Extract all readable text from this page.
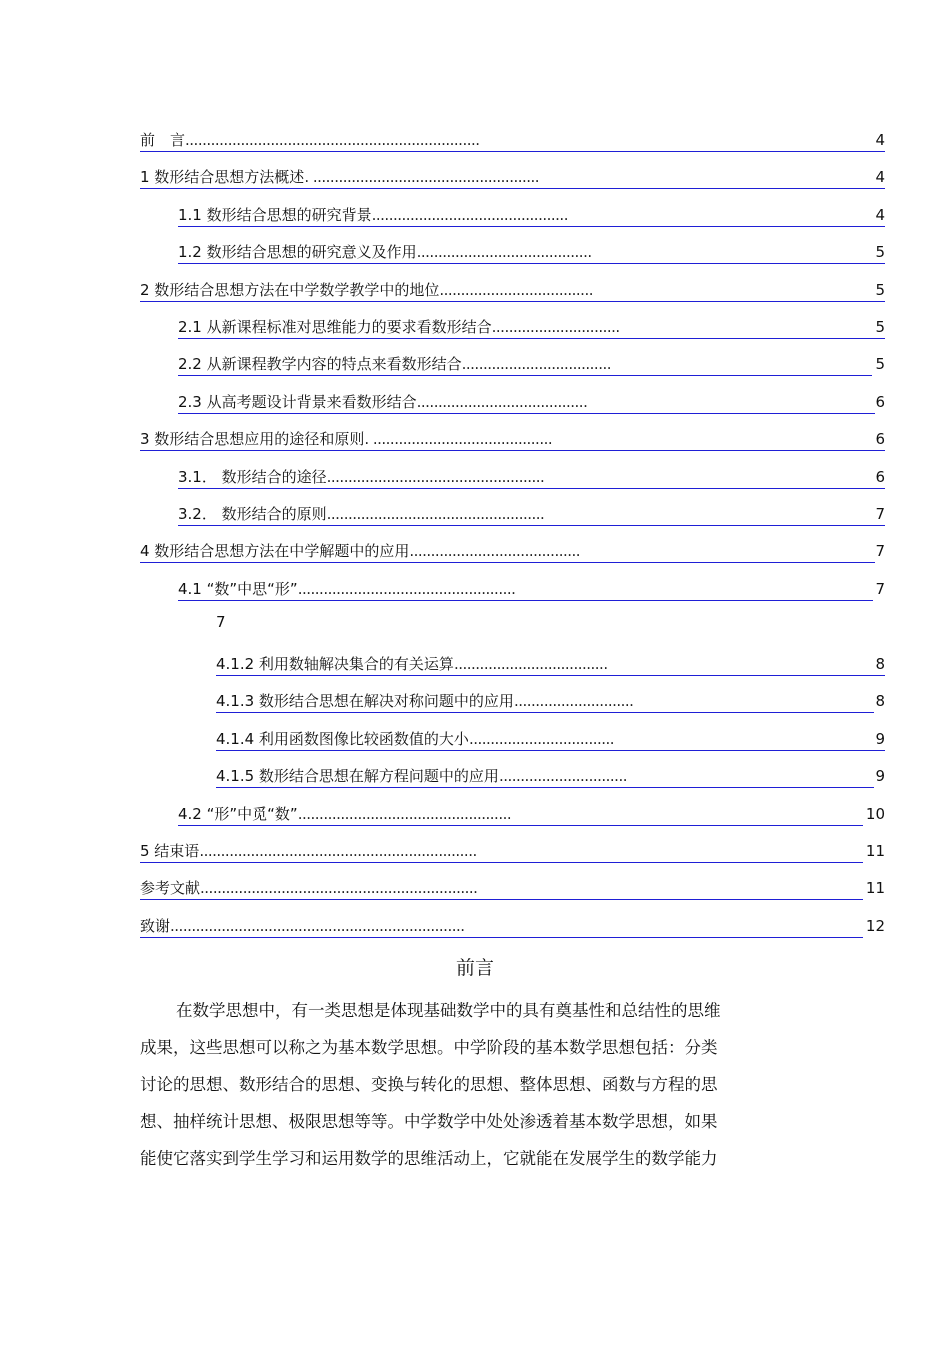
前　言 .....................................................................	4
1 数形结合思想方法概述 . .....................................................	4
1.1 数形结合思想的研究背景 ..............................................	4
1.2 数形结合思想的研究意义及作用 .........................................	5
2 数形结合思想方法在中学数学教学中的地位 ....................................	5
2.1 从新课程标准对思维能力的要求看数形结合 ..............................	5
2.2 从新课程教学内容的特点来看数形结合 ...................................	5
2.3 从高考题设计背景来看数形结合 ........................................	6
3 数形结合思想应用的途径和原则 . ..........................................	6
3.1． 数形结合的途径 ...................................................	6
3.2． 数形结合的原则 ...................................................	7
4 数形结合思想方法在中学解题中的应用 ........................................	7
4.1 “数”中思“形” ...................................................	7
7
4.1.2 利用数轴解决集合的有关运算 ....................................	8
4.1.3 数形结合思想在解决对称问题中的应用 ............................	8
4.1.4 利用函数图像比较函数值的大小 ..................................	9
4.1.5 数形结合思想在解方程问题中的应用 ..............................	9
4.2 “形”中觅“数” ..................................................	10
5 结束语 .................................................................	11
参考文献 .................................................................	11
致谢 .....................................................................	12
前言
在数学思想中，有一类思想是体现基础数学中的具有奠基性和总结性的思维
成果，这些思想可以称之为基本数学思想。中学阶段的基本数学思想包括：分类
讨论的思想、数形结合的思想、变换与转化的思想、整体思想、函数与方程的思
想、抽样统计思想、极限思想等等。中学数学中处处渗透着基本数学思想，如果
能使它落实到学生学习和运用数学的思维活动上，它就能在发展学生的数学能力
